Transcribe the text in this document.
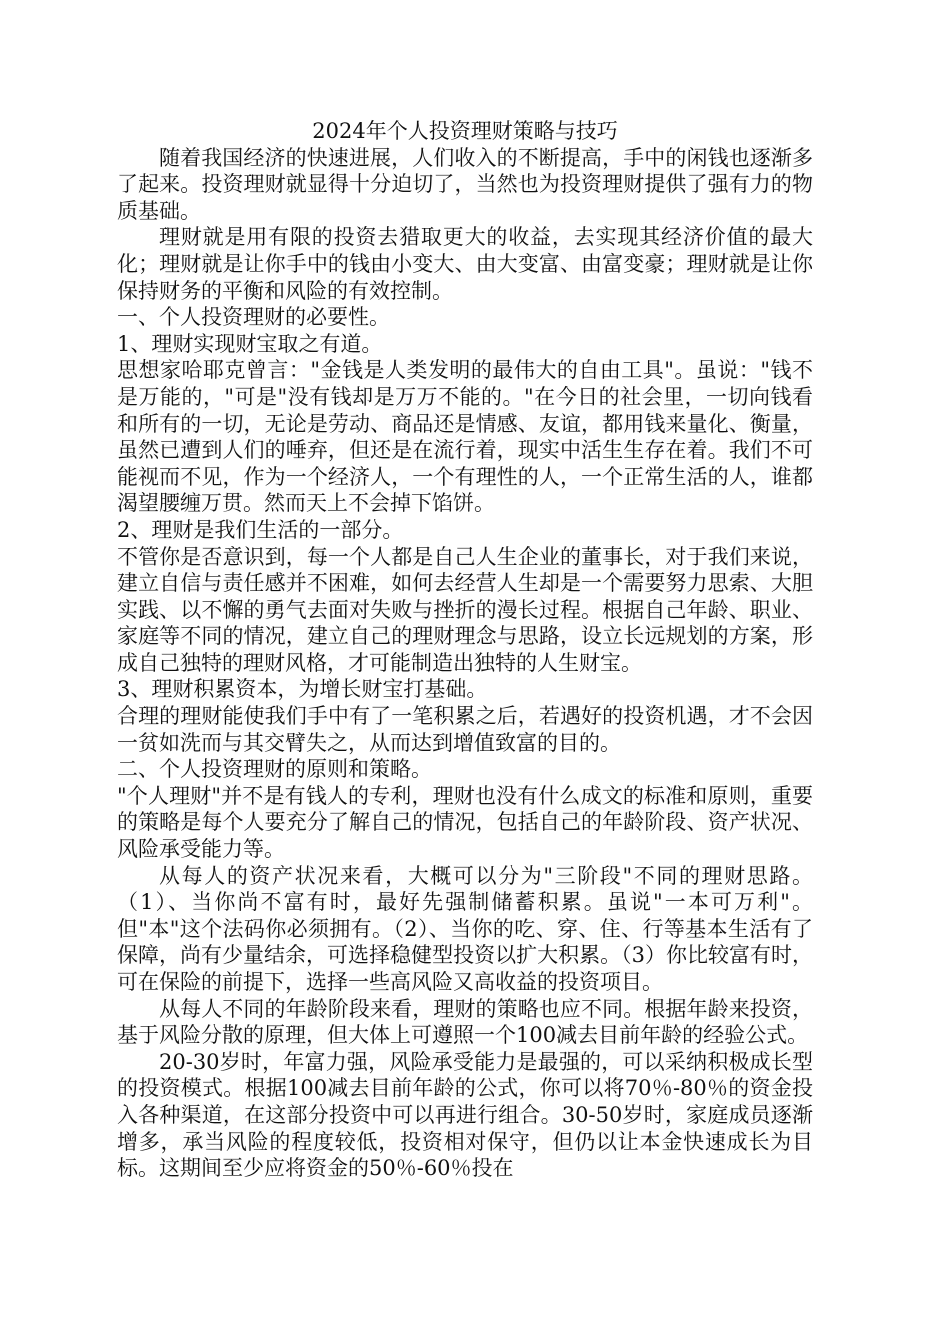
2024年个人投资理财策略与技巧

随着我国经济的快速进展，人们收入的不断提高，手中的闲钱也逐渐多了起来。投资理财就显得十分迫切了，当然也为投资理财提供了强有力的物质基础。

理财就是用有限的投资去猎取更大的收益，去实现其经济价值的最大化；理财就是让你手中的钱由小变大、由大变富、由富变豪；理财就是让你保持财务的平衡和风险的有效控制。

一、个人投资理财的必要性。

1、理财实现财宝取之有道。

思想家哈耶克曾言："金钱是人类发明的最伟大的自由工具"。虽说："钱不是万能的，"可是"没有钱却是万万不能的。"在今日的社会里，一切向钱看和所有的一切，无论是劳动、商品还是情感、友谊，都用钱来量化、衡量，虽然已遭到人们的唾弃，但还是在流行着，现实中活生生存在着。我们不可能视而不见，作为一个经济人，一个有理性的人，一个正常生活的人，谁都渴望腰缠万贯。然而天上不会掉下馅饼。

2、理财是我们生活的一部分。

不管你是否意识到，每一个人都是自己人生企业的董事长，对于我们来说，建立自信与责任感并不困难，如何去经营人生却是一个需要努力思索、大胆实践、以不懈的勇气去面对失败与挫折的漫长过程。根据自己年龄、职业、家庭等不同的情况，建立自己的理财理念与思路，设立长远规划的方案，形成自己独特的理财风格，才可能制造出独特的人生财宝。

3、理财积累资本，为增长财宝打基础。

合理的理财能使我们手中有了一笔积累之后，若遇好的投资机遇，才不会因一贫如洗而与其交臂失之，从而达到增值致富的目的。

二、个人投资理财的原则和策略。

"个人理财"并不是有钱人的专利，理财也没有什么成文的标准和原则，重要的策略是每个人要充分了解自己的情况，包括自己的年龄阶段、资产状况、风险承受能力等。

从每人的资产状况来看，大概可以分为"三阶段"不同的理财思路。（1）、当你尚不富有时，最好先强制储蓄积累。虽说"一本可万利"。但"本"这个法码你必须拥有。（2）、当你的吃、穿、住、行等基本生活有了保障，尚有少量结余，可选择稳健型投资以扩大积累。（3）你比较富有时，可在保险的前提下，选择一些高风险又高收益的投资项目。

从每人不同的年龄阶段来看，理财的策略也应不同。根据年龄来投资，基于风险分散的原理，但大体上可遵照一个100减去目前年龄的经验公式。

20-30岁时，年富力强，风险承受能力是最强的，可以采纳积极成长型的投资模式。根据100减去目前年龄的公式，你可以将70％-80％的资金投入各种渠道，在这部分投资中可以再进行组合。30-50岁时，家庭成员逐渐增多，承当风险的程度较低，投资相对保守，但仍以让本金快速成长为目标。这期间至少应将资金的50％-60％投在
